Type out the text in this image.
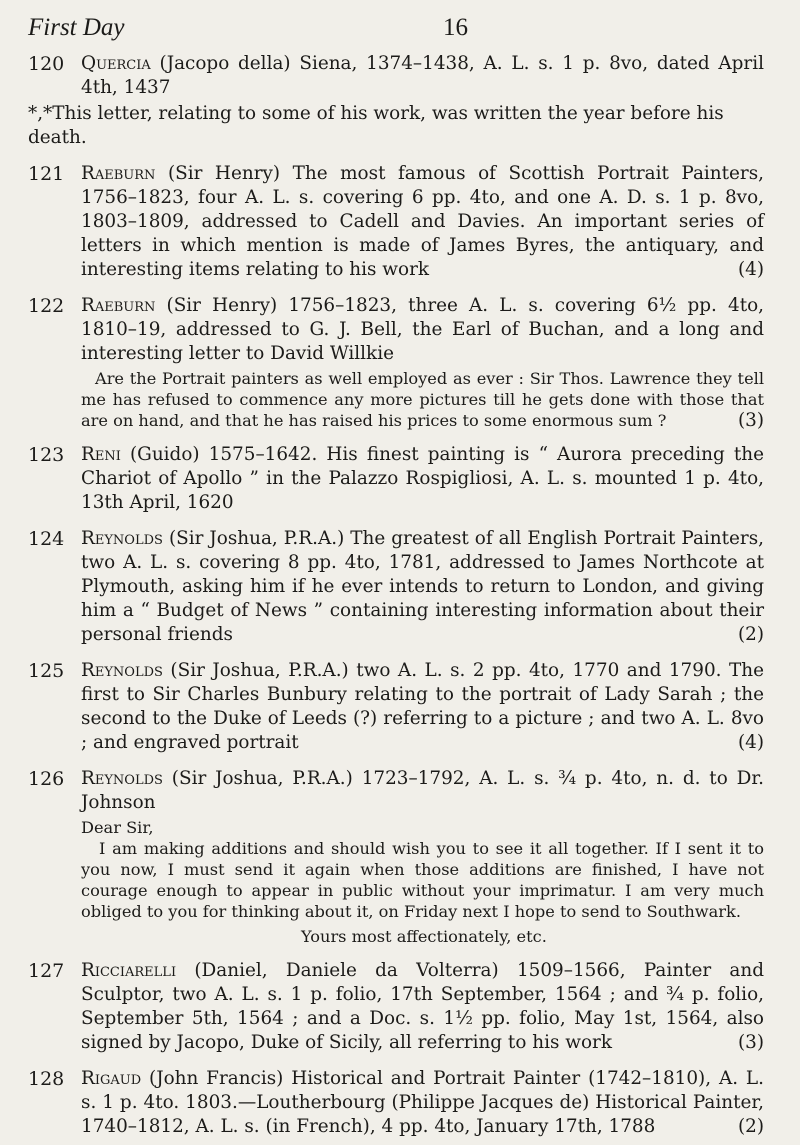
First Day	16
120 Quercia (Jacopo della) Siena, 1374–1438, A. L. s. 1 p. 8vo, dated April 4th, 1437
*,*This letter, relating to some of his work, was written the year before his death.
121 Raeburn (Sir Henry) The most famous of Scottish Portrait Painters, 1756–1823, four A. L. s. covering 6 pp. 4to, and one A. D. s. 1 p. 8vo, 1803–1809, addressed to Cadell and Davies. An important series of letters in which mention is made of James Byres, the antiquary, and interesting items relating to his work	(4)
122 Raeburn (Sir Henry) 1756–1823, three A. L. s. covering 6½ pp. 4to, 1810–19, addressed to G. J. Bell, the Earl of Buchan, and a long and interesting letter to David Willkie
Are the Portrait painters as well employed as ever : Sir Thos. Lawrence they tell me has refused to commence any more pictures till he gets done with those that are on hand, and that he has raised his prices to some enormous sum ?	(3)
123 Reni (Guido) 1575–1642. His finest painting is “ Aurora preceding the Chariot of Apollo ” in the Palazzo Rospigliosi, A. L. s. mounted 1 p. 4to, 13th April, 1620
124 Reynolds (Sir Joshua, P.R.A.) The greatest of all English Portrait Painters, two A. L. s. covering 8 pp. 4to, 1781, addressed to James Northcote at Plymouth, asking him if he ever intends to return to London, and giving him a “ Budget of News ” containing interesting information about their personal friends	(2)
125 Reynolds (Sir Joshua, P.R.A.) two A. L. s. 2 pp. 4to, 1770 and 1790. The first to Sir Charles Bunbury relating to the portrait of Lady Sarah ; the second to the Duke of Leeds (?) referring to a picture ; and two A. L. 8vo ; and engraved portrait	(4)
126 Reynolds (Sir Joshua, P.R.A.) 1723–1792, A. L. s. ¾ p. 4to, n. d. to Dr. Johnson
Dear Sir,
I am making additions and should wish you to see it all together. If I sent it to you now, I must send it again when those additions are finished, I have not courage enough to appear in public without your imprimatur. I am very much obliged to you for thinking about it, on Friday next I hope to send to Southwark.
Yours most affectionately, etc.
127 Ricciarelli (Daniel, Daniele da Volterra) 1509–1566, Painter and Sculptor, two A. L. s. 1 p. folio, 17th September, 1564 ; and ¾ p. folio, September 5th, 1564 ; and a Doc. s. 1½ pp. folio, May 1st, 1564, also signed by Jacopo, Duke of Sicily, all referring to his work	(3)
128 Rigaud (John Francis) Historical and Portrait Painter (1742–1810), A. L. s. 1 p. 4to. 1803.—Loutherbourg (Philippe Jacques de) Historical Painter, 1740–1812, A. L. s. (in French), 4 pp. 4to, January 17th, 1788	(2)
